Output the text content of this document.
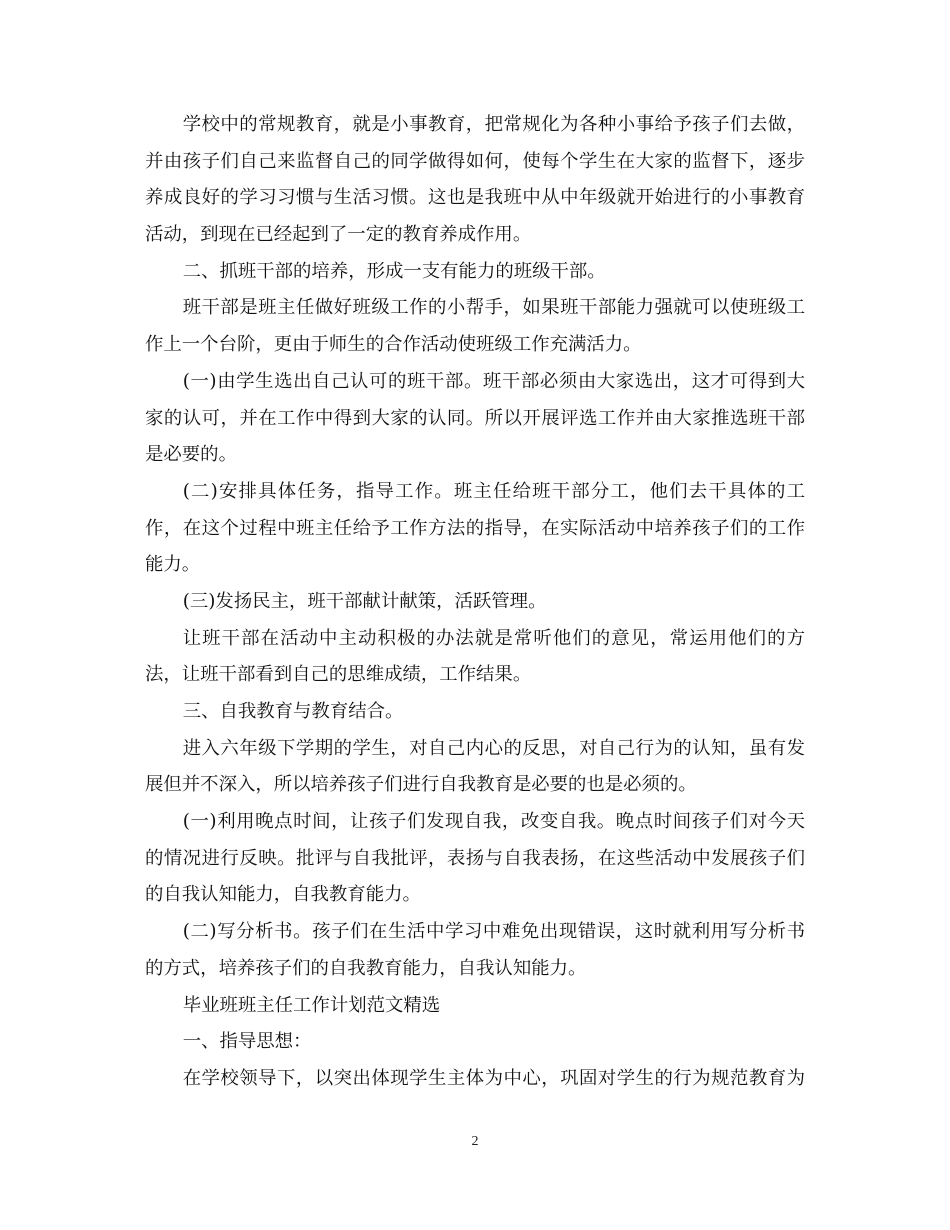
学校中的常规教育，就是小事教育，把常规化为各种小事给予孩子们去做，
并由孩子们自己来监督自己的同学做得如何，使每个学生在大家的监督下，逐步
养成良好的学习习惯与生活习惯。这也是我班中从中年级就开始进行的小事教育
活动，到现在已经起到了一定的教育养成作用。
二、抓班干部的培养，形成一支有能力的班级干部。
班干部是班主任做好班级工作的小帮手，如果班干部能力强就可以使班级工
作上一个台阶，更由于师生的合作活动使班级工作充满活力。
(一)由学生选出自己认可的班干部。班干部必须由大家选出，这才可得到大
家的认可，并在工作中得到大家的认同。所以开展评选工作并由大家推选班干部
是必要的。
(二)安排具体任务，指导工作。班主任给班干部分工，他们去干具体的工
作，在这个过程中班主任给予工作方法的指导，在实际活动中培养孩子们的工作
能力。
(三)发扬民主，班干部献计献策，活跃管理。
让班干部在活动中主动积极的办法就是常听他们的意见，常运用他们的方
法，让班干部看到自己的思维成绩，工作结果。
三、自我教育与教育结合。
进入六年级下学期的学生，对自己内心的反思，对自己行为的认知，虽有发
展但并不深入，所以培养孩子们进行自我教育是必要的也是必须的。
(一)利用晚点时间，让孩子们发现自我，改变自我。晚点时间孩子们对今天
的情况进行反映。批评与自我批评，表扬与自我表扬，在这些活动中发展孩子们
的自我认知能力，自我教育能力。
(二)写分析书。孩子们在生活中学习中难免出现错误，这时就利用写分析书
的方式，培养孩子们的自我教育能力，自我认知能力。
毕业班班主任工作计划范文精选
一、指导思想：
在学校领导下，以突出体现学生主体为中心，巩固对学生的行为规范教育为
2
